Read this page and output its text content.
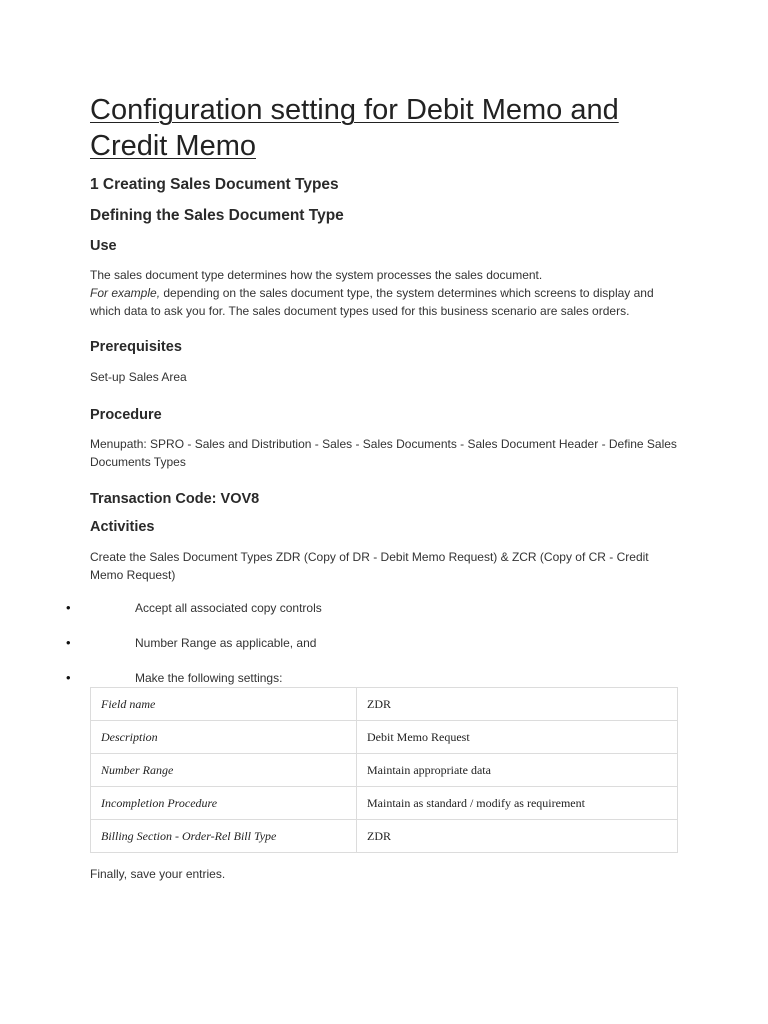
Configuration setting for Debit Memo and Credit Memo
1 Creating Sales Document Types
Defining the Sales Document Type
Use

The sales document type determines how the system processes the sales document.
For example, depending on the sales document type, the system determines which screens to display and which data to ask you for. The sales document types used for this business scenario are sales orders.

Prerequisites

Set-up Sales Area

Procedure

Menupath: SPRO - Sales and Distribution - Sales - Sales Documents - Sales Document Header - Define Sales Documents Types

Transaction Code: VOV8
Activities

Create the Sales Document Types ZDR (Copy of DR - Debit Memo Request) & ZCR (Copy of CR - Credit Memo Request)

•	Accept all associated copy controls
•	Number Range as applicable, and
•	Make the following settings:
Field name	ZDR
Description	Debit Memo Request
Number Range	Maintain appropriate data
Incompletion Procedure	Maintain as standard / modify as requirement
Billing Section - Order-Rel Bill Type	ZDR

Finally, save your entries.
